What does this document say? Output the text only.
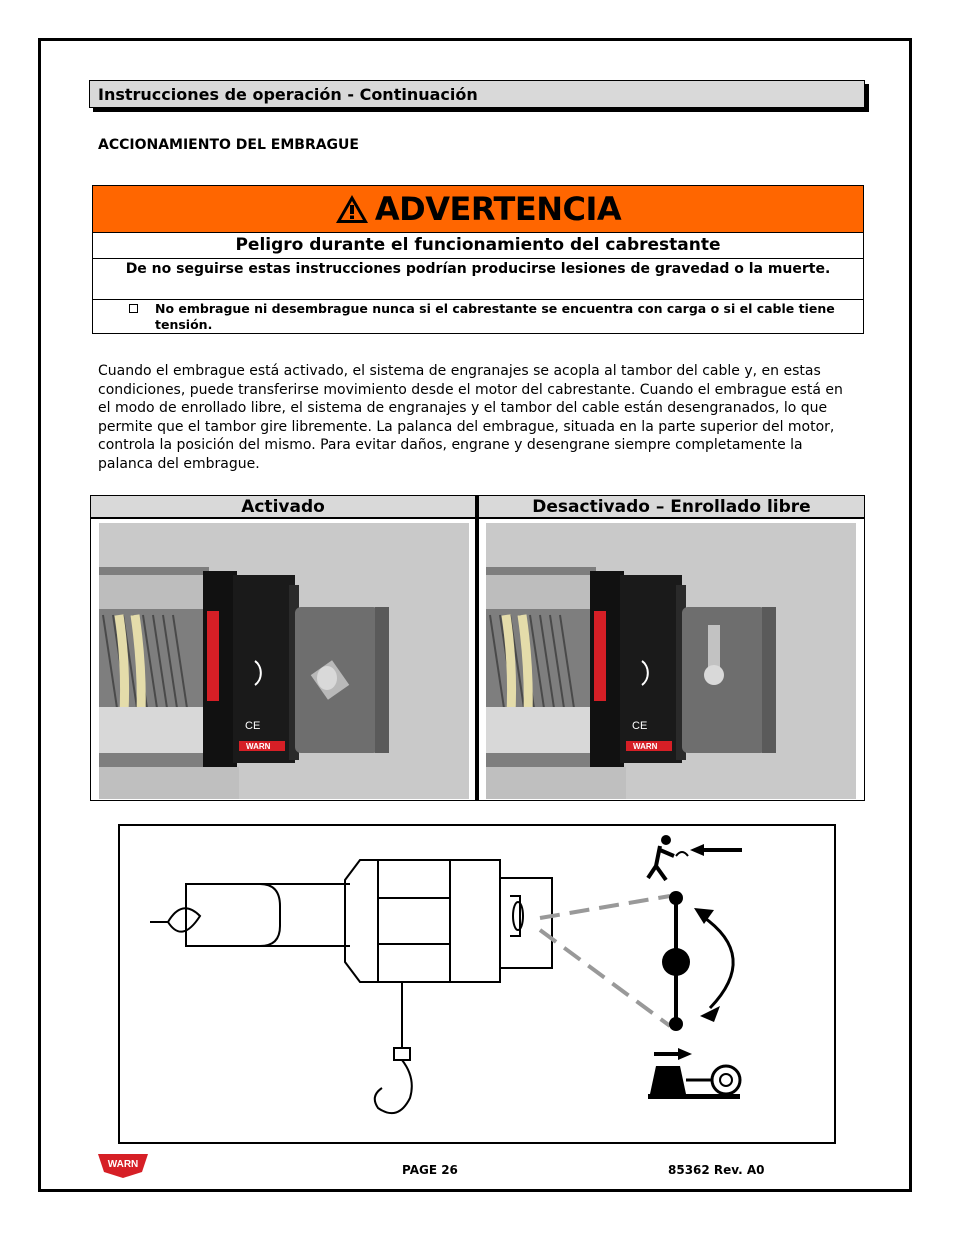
Instrucciones de operación - Continuación
ACCIONAMIENTO DEL EMBRAGUE
ADVERTENCIA
Peligro durante el funcionamiento del cabrestante
De no seguirse estas instrucciones podrían producirse lesiones de gravedad o la muerte.
No embrague ni desembrague nunca si el cabrestante se encuentra con carga o si el cable tiene tensión.
Cuando el embrague está activado, el sistema de engranajes se acopla al tambor del cable y, en estas condiciones, puede transferirse movimiento desde el motor del cabrestante. Cuando el embrague está en el modo de enrollado libre, el sistema de engranajes y el tambor del cable están desengranados, lo que permite que el tambor gire libremente. La palanca del embrague, situada en la parte superior del motor, controla la posición del mismo. Para evitar daños, engrane y desengrane siempre completamente la palanca del embrague.
Activado	Desactivado – Enrollado libre
CE
WARN
CE
WARN
WARN	PAGE 26	85362 Rev. A0
